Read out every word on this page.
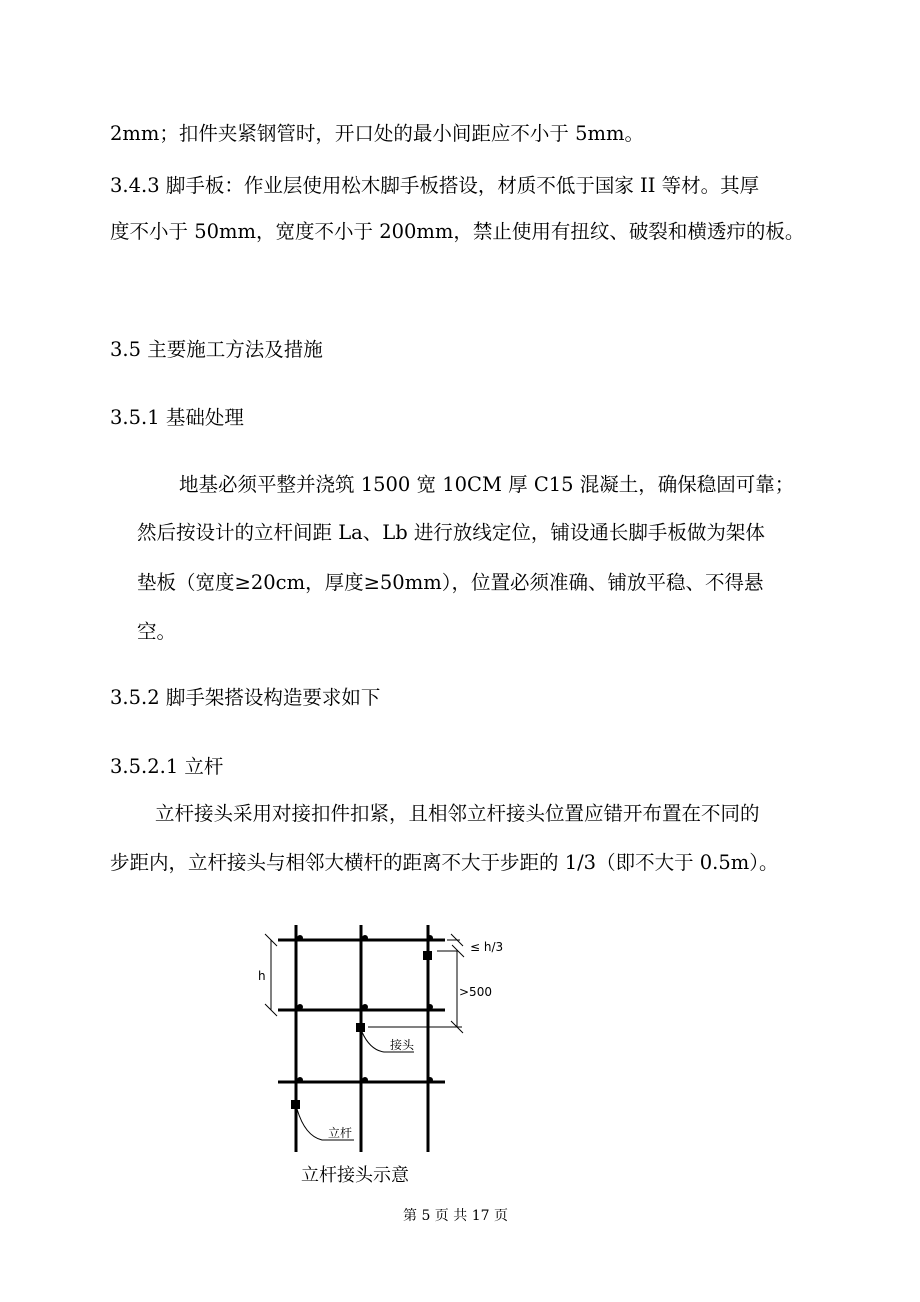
2mm；扣件夹紧钢管时，开口处的最小间距应不小于 5mm。
3.4.3 脚手板：作业层使用松木脚手板搭设，材质不低于国家 II 等材。其厚
度不小于 50mm，宽度不小于 200mm，禁止使用有扭纹、破裂和横透疖的板。
3.5 主要施工方法及措施
3.5.1 基础处理
地基必须平整并浇筑 1500 宽 10CM 厚 C15 混凝土，确保稳固可靠；
然后按设计的立杆间距 La、Lb 进行放线定位，铺设通长脚手板做为架体
垫板（宽度≥20cm，厚度≥50mm），位置必须准确、铺放平稳、不得悬
空。
3.5.2 脚手架搭设构造要求如下
3.5.2.1 立杆
立杆接头采用对接扣件扣紧，且相邻立杆接头位置应错开布置在不同的
步距内，立杆接头与相邻大横杆的距离不大于步距的 1/3（即不大于 0.5m）。
h
≤ h/3
>500
接头
立杆
立杆接头示意
第 5 页 共 17 页
